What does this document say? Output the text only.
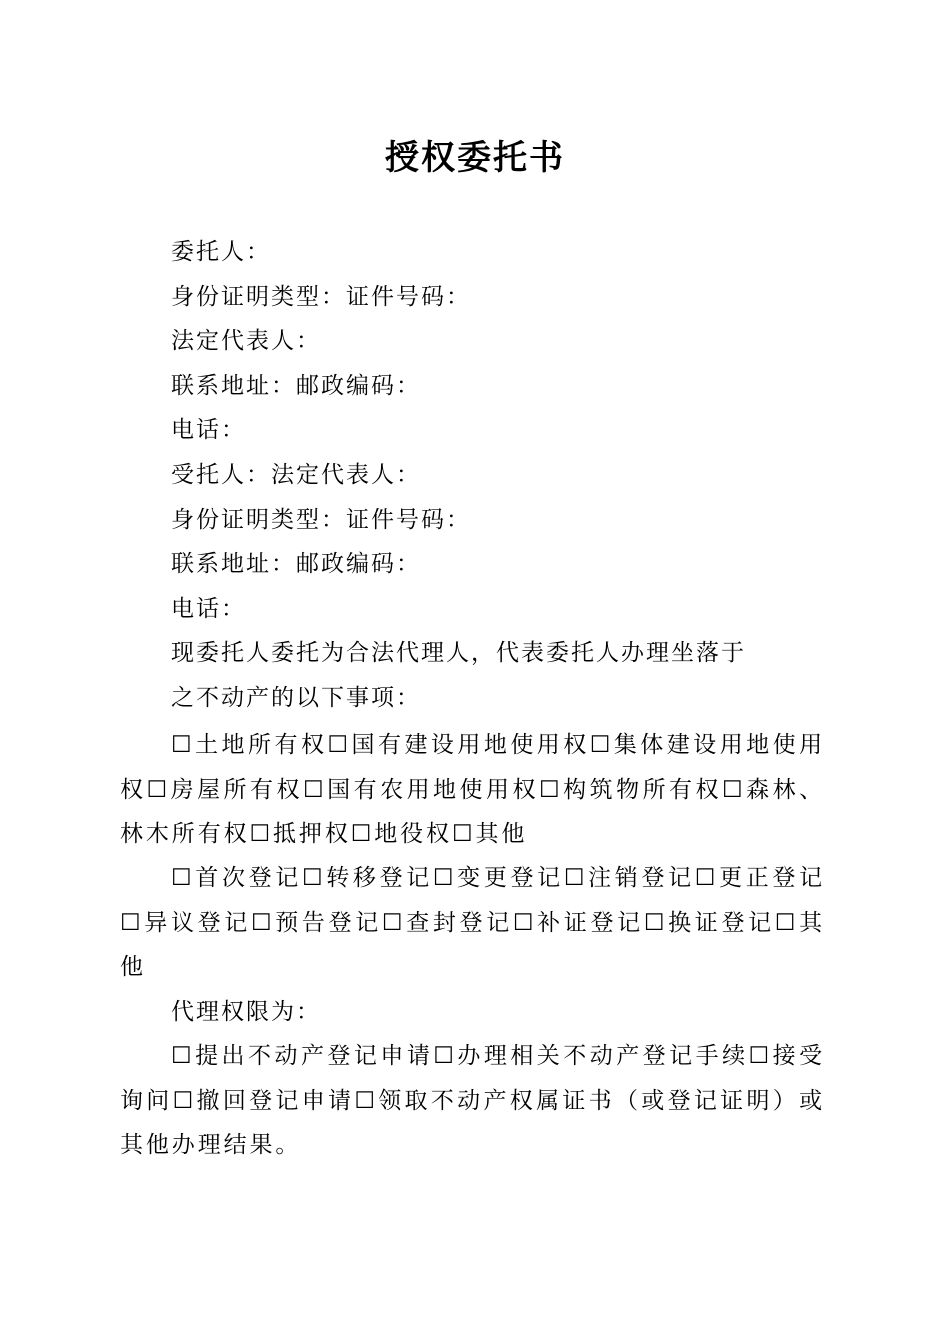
授权委托书
委托人：
身份证明类型：证件号码：
法定代表人：
联系地址：邮政编码：
电话：
受托人：法定代表人：
身份证明类型：证件号码：
联系地址：邮政编码：
电话：
现委托人委托为合法代理人，代表委托人办理坐落于
之不动产的以下事项：

☐土地所有权☐国有建设用地使用权☐集体建设用地使用权☐房屋所有权☐国有农用地使用权☐构筑物所有权☐森林、林木所有权☐抵押权☐地役权☐其他

☐首次登记☐转移登记☐变更登记☐注销登记☐更正登记☐异议登记☐预告登记☐查封登记☐补证登记☐换证登记☐其他

代理权限为：

☐提出不动产登记申请☐办理相关不动产登记手续☐接受询问☐撤回登记申请☐领取不动产权属证书（或登记证明）或其他办理结果。
